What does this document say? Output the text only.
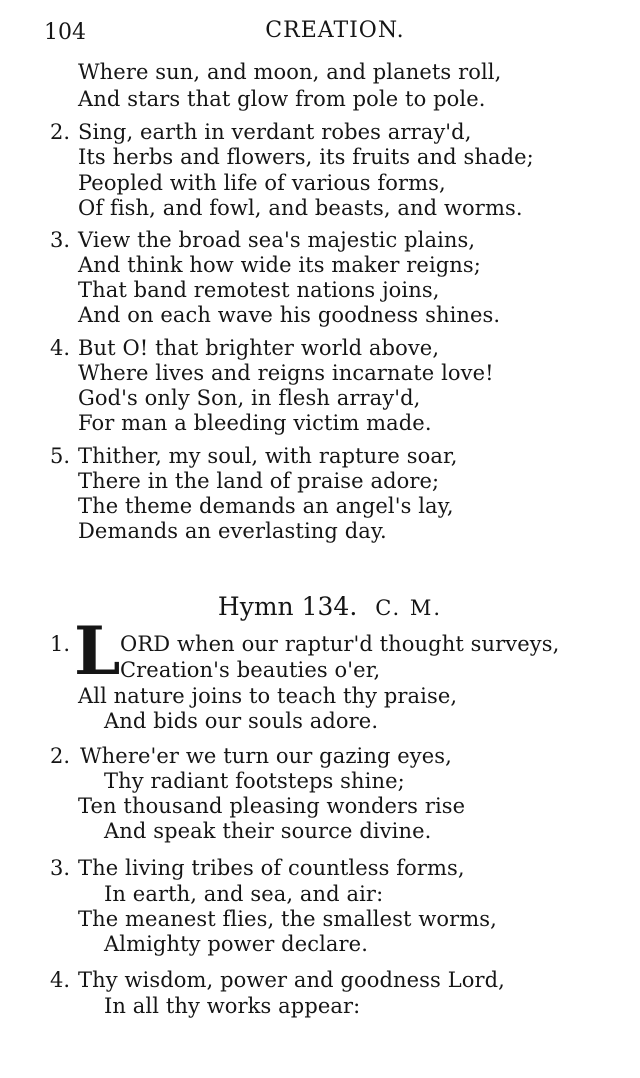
104	CREATION.
Where sun, and moon, and planets roll,
And stars that glow from pole to pole.
2. Sing, earth in verdant robes array'd,
Its herbs and flowers, its fruits and shade;
Peopled with life of various forms,
Of fish, and fowl, and beasts, and worms.
3. View the broad sea's majestic plains,
And think how wide its maker reigns;
That band remotest nations joins,
And on each wave his goodness shines.
4. But O! that brighter world above,
Where lives and reigns incarnate love!
God's only Son, in flesh array'd,
For man a bleeding victim made.
5. Thither, my soul, with rapture soar,
There in the land of praise adore;
The theme demands an angel's lay,
Demands an everlasting day.
Hymn 134. C. M.
1. L ORD when our raptur'd thought surveys,
Creation's beauties o'er,
All nature joins to teach thy praise,
And bids our souls adore.
2. Where'er we turn our gazing eyes,
Thy radiant footsteps shine;
Ten thousand pleasing wonders rise
And speak their source divine.
3. The living tribes of countless forms,
In earth, and sea, and air:
The meanest flies, the smallest worms,
Almighty power declare.
4. Thy wisdom, power and goodness Lord,
In all thy works appear:
